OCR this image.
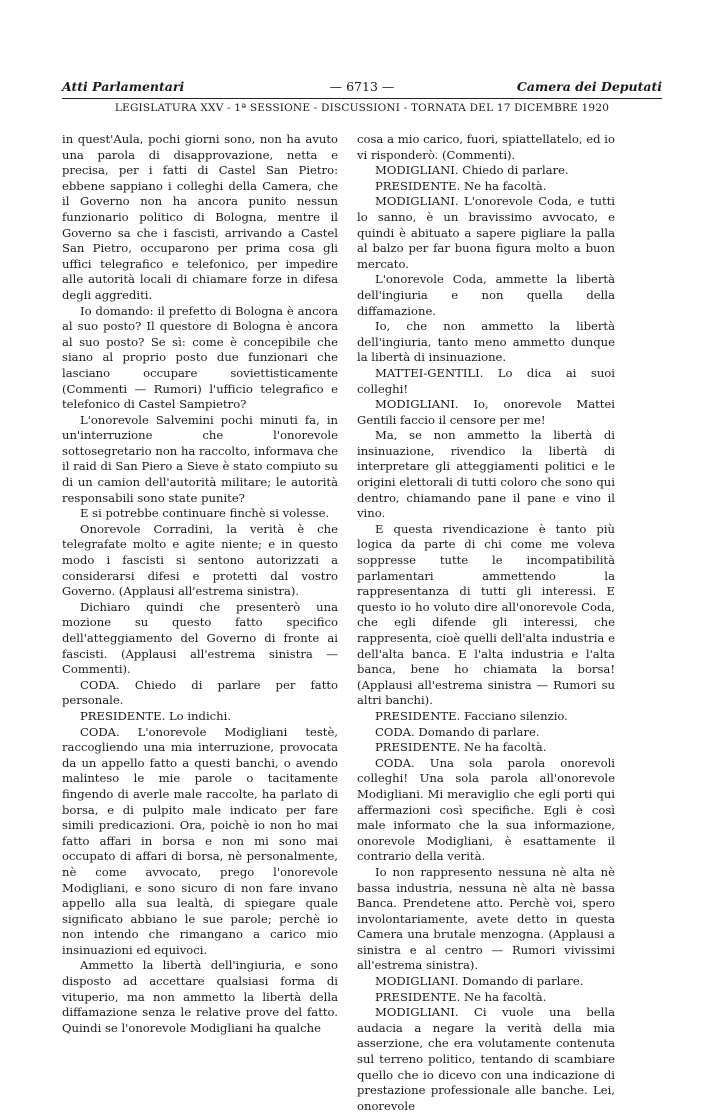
— 6713 —
Atti Parlamentari	Camera dei Deputati
LEGISLATURA XXV - 1ª SESSIONE - DISCUSSIONI - TORNATA DEL 17 DICEMBRE 1920

in quest'Aula, pochi giorni sono, non ha avuto una parola di disapprovazione, netta e precisa, per i fatti di Castel San Pietro: ebbene sappiano i colleghi della Camera, che il Governo non ha ancora punito nessun funzionario politico di Bologna, mentre il Governo sa che i fascisti, arrivando a Castel San Pietro, occuparono per prima cosa gli uffici telegrafico e telefonico, per impedire alle autorità locali di chiamare forze in difesa degli aggrediti.

Io domando: il prefetto di Bologna è ancora al suo posto? Il questore di Bologna è ancora al suo posto? Se sì: come è concepibile che siano al proprio posto due funzionari che lasciano occupare soviettisticamente (Commenti — Rumori) l'ufficio telegrafico e telefonico di Castel Sampietro?

L'onorevole Salvemini pochi minuti fa, in un'interruzione che l'onorevole sottosegretario non ha raccolto, informava che il raid di San Piero a Sieve è stato compiuto su di un camion dell'autorità militare; le autorità responsabili sono state punite?

E si potrebbe continuare finchè si volesse.

Onorevole Corradini, la verità è che telegrafate molto e agite niente; e in questo modo i fascisti si sentono autorizzati a considerarsi difesi e protetti dal vostro Governo. (Applausi all'estrema sinistra).

Dichiaro quindi che presenterò una mozione su questo fatto specifico dell'atteggiamento del Governo di fronte ai fascisti. (Applausi all'estrema sinistra — Commenti).

CODA. Chiedo di parlare per fatto personale.

PRESIDENTE. Lo indichi.

CODA. L'onorevole Modigliani testè, raccogliendo una mia interruzione, provocata da un appello fatto a questi banchi, o avendo malinteso le mie parole o tacitamente fingendo di averle male raccolte, ha parlato di borsa, e di pulpito male indicato per fare simili predicazioni. Ora, poichè io non ho mai fatto affari in borsa e non mi sono mai occupato di affari di borsa, nè personalmente, nè come avvocato, prego l'onorevole Modigliani, e sono sicuro di non fare invano appello alla sua lealtà, di spiegare quale significato abbiano le sue parole; perchè io non intendo che rimangano a carico mio insinuazioni ed equivoci.

Ammetto la libertà dell'ingiuria, e sono disposto ad accettare qualsiasi forma di vituperio, ma non ammetto la libertà della diffamazione senza le relative prove del fatto. Quindi se l'onorevole Modigliani ha qualche

cosa a mio carico, fuori, spiattellatelo, ed io vi risponderò. (Commenti).

MODIGLIANI. Chiedo di parlare.

PRESIDENTE. Ne ha facoltà.

MODIGLIANI. L'onorevole Coda, e tutti lo sanno, è un bravissimo avvocato, e quindi è abituato a sapere pigliare la palla al balzo per far buona figura molto a buon mercato.

L'onorevole Coda, ammette la libertà dell'ingiuria e non quella della diffamazione.

Io, che non ammetto la libertà dell'ingiuria, tanto meno ammetto dunque la libertà di insinuazione.

MATTEI-GENTILI. Lo dica ai suoi colleghi!

MODIGLIANI. Io, onorevole Mattei Gentili faccio il censore per me!

Ma, se non ammetto la libertà di insinuazione, rivendico la libertà di interpretare gli atteggiamenti politici e le origini elettorali di tutti coloro che sono qui dentro, chiamando pane il pane e vino il vino.

E questa rivendicazione è tanto più logica da parte di chi come me voleva soppresse tutte le incompatibilità parlamentari ammettendo la rappresentanza di tutti gli interessi. E questo io ho voluto dire all'onorevole Coda, che egli difende gli interessi, che rappresenta, cioè quelli dell'alta industria e dell'alta banca. E l'alta industria e l'alta banca, bene ho chiamata la borsa! (Applausi all'estrema sinistra — Rumori su altri banchi).

PRESIDENTE. Facciano silenzio.

CODA. Domando di parlare.

PRESIDENTE. Ne ha facoltà.

CODA. Una sola parola onorevoli colleghi! Una sola parola all'onorevole Modigliani. Mi meraviglio che egli porti qui affermazioni così specifiche. Egli è così male informato che la sua informazione, onorevole Modigliani, è esattamente il contrario della verità.

Io non rappresento nessuna nè alta nè bassa industria, nessuna nè alta nè bassa Banca. Prendetene atto. Perchè voi, spero involontariamente, avete detto in questa Camera una brutale menzogna. (Applausi a sinistra e al centro — Rumori vivissimi all'estrema sinistra).

MODIGLIANI. Domando di parlare.

PRESIDENTE. Ne ha facoltà.

MODIGLIANI. Ci vuole una bella audacia a negare la verità della mia asserzione, che era volutamente contenuta sul terreno politico, tentando di scambiare quello che io dicevo con una indicazione di prestazione professionale alle banche. Lei, onorevole
